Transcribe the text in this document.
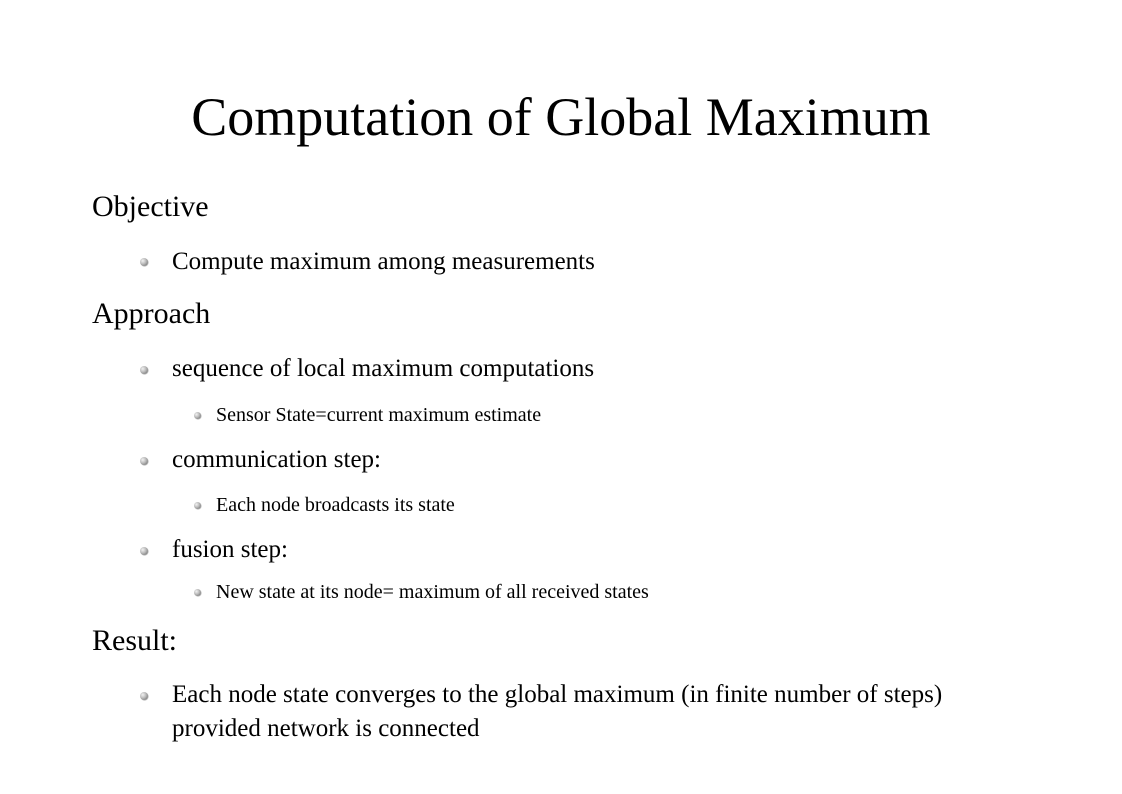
Computation of Global Maximum
Objective
Compute maximum among measurements
Approach
sequence of local maximum computations
Sensor State=current maximum estimate
communication step:
Each node broadcasts its state
fusion step:
New state at its node= maximum of all received states
Result:
Each node state converges to the global maximum (in finite number of steps) provided network is connected
